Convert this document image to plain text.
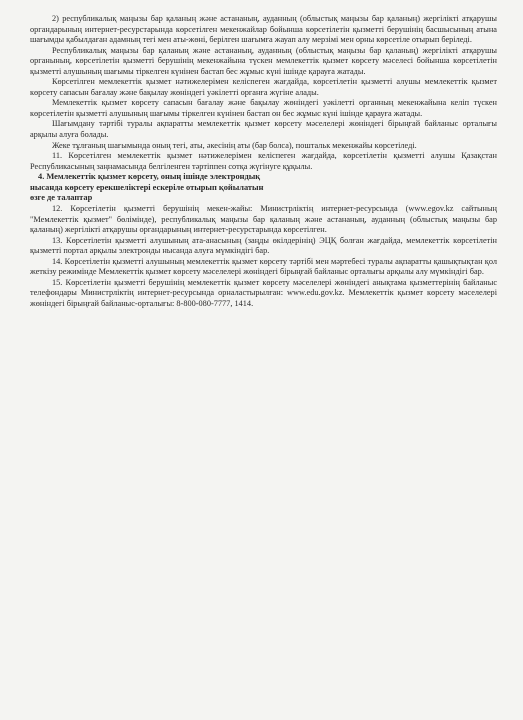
2) республикалық маңызы бар қаланың және астананың, ауданның (облыстық маңызы бар қаланың) жергілікті атқарушы органдарының интернет-ресурстарында көрсетілген мекенжайлар бойынша көрсетілетін қызметті берушінің басшысының атына шағымды қабылдаған адамның тегі мен аты-жөні, берілген шағымға жауап алу мерзімі мен орны көрсетіле отырып беріледі.

Республикалық маңызы бар қаланың және астананың, ауданның (облыстық маңызы бар қаланың) жергілікті атқарушы органының, көрсетілетін қызметті берушінің мекенжайына түскен мемлекеттік қызмет көрсету мәселесі бойынша көрсетілетін қызметті алушының шағымы тіркелген күнінен бастап бес жұмыс күні ішінде қарауға жатады.

Көрсетілген мемлекеттік қызмет нәтижелерімен келіспеген жағдайда, көрсетілетін қызметті алушы мемлекеттік қызмет көрсету сапасын бағалау және бақылау жөніндегі уәкілетті органға жүгіне алады.

Мемлекеттік қызмет көрсету сапасын бағалау және бақылау жөніндегі уәкілетті органның мекенжайына келіп түскен көрсетілетін қызметті алушының шағымы тіркелген күнінен бастап он бес жұмыс күні ішінде қарауға жатады.

Шағымдану тәртібі туралы ақпаратты мемлекеттік қызмет көрсету мәселелері жөніндегі бірыңғай байланыс орталығы арқылы алуға болады.

Жеке тұлғаның шағымында оның тегі, аты, әкесінің аты (бар болса), поштальк мекенжайы көрсетіледі.

11. Көрсетілген мемлекеттік қызмет нәтижелерімен келіспеген жағдайда, көрсетілетін қызметті алушы Қазақстан Республикасының заңнамасында белгіленген тәртіппен сотқа жүгінуге құқылы.

4. Мемлекеттік қызмет көрсету, оның ішінде электрондық

нысанда көрсету ерекшеліктері ескеріле отырып қойылатын

өзге де талаптар

12. Көрсетілетін қызметті берушінің мекен-жайы: Министрліктің интернет-ресурсында (www.egov.kz сайтының "Мемлекеттік қызмет" бөлімінде), республикалық маңызы бар қаланың және астананың, ауданның (облыстық маңызы бар қаланың) жергілікті атқарушы органдарының интернет-ресурстарында көрсетілген.

13. Көрсетілетін қызметті алушының ата-анасының (заңды өкілдерінің) ЭЦҚ болған жағдайда, мемлекеттік көрсетілетін қызметті портал арқылы электронды нысанда алуға мүмкіндігі бар.

14. Көрсетілетін қызметті алушының мемлекеттік қызмет көрсету тәртібі мен мәртебесі туралы ақпаратты қашықтықтан қол жеткізу режимінде Мемлекеттік қызмет көрсету мәселелері жөніндегі бірыңғай байланыс орталығы арқылы алу мүмкіндігі бар.

15. Көрсетілетін қызметті берушінің мемлекеттік қызмет көрсету мәселелері жөніндегі анықтама қызметтерінің байланыс телефондары Министрліктің интернет-ресурсында орналастырылған: www.edu.gov.kz. Мемлекеттік қызмет көрсету мәселелері жөніндегі бірыңғай байланыс-орталығы: 8-800-080-7777, 1414.
